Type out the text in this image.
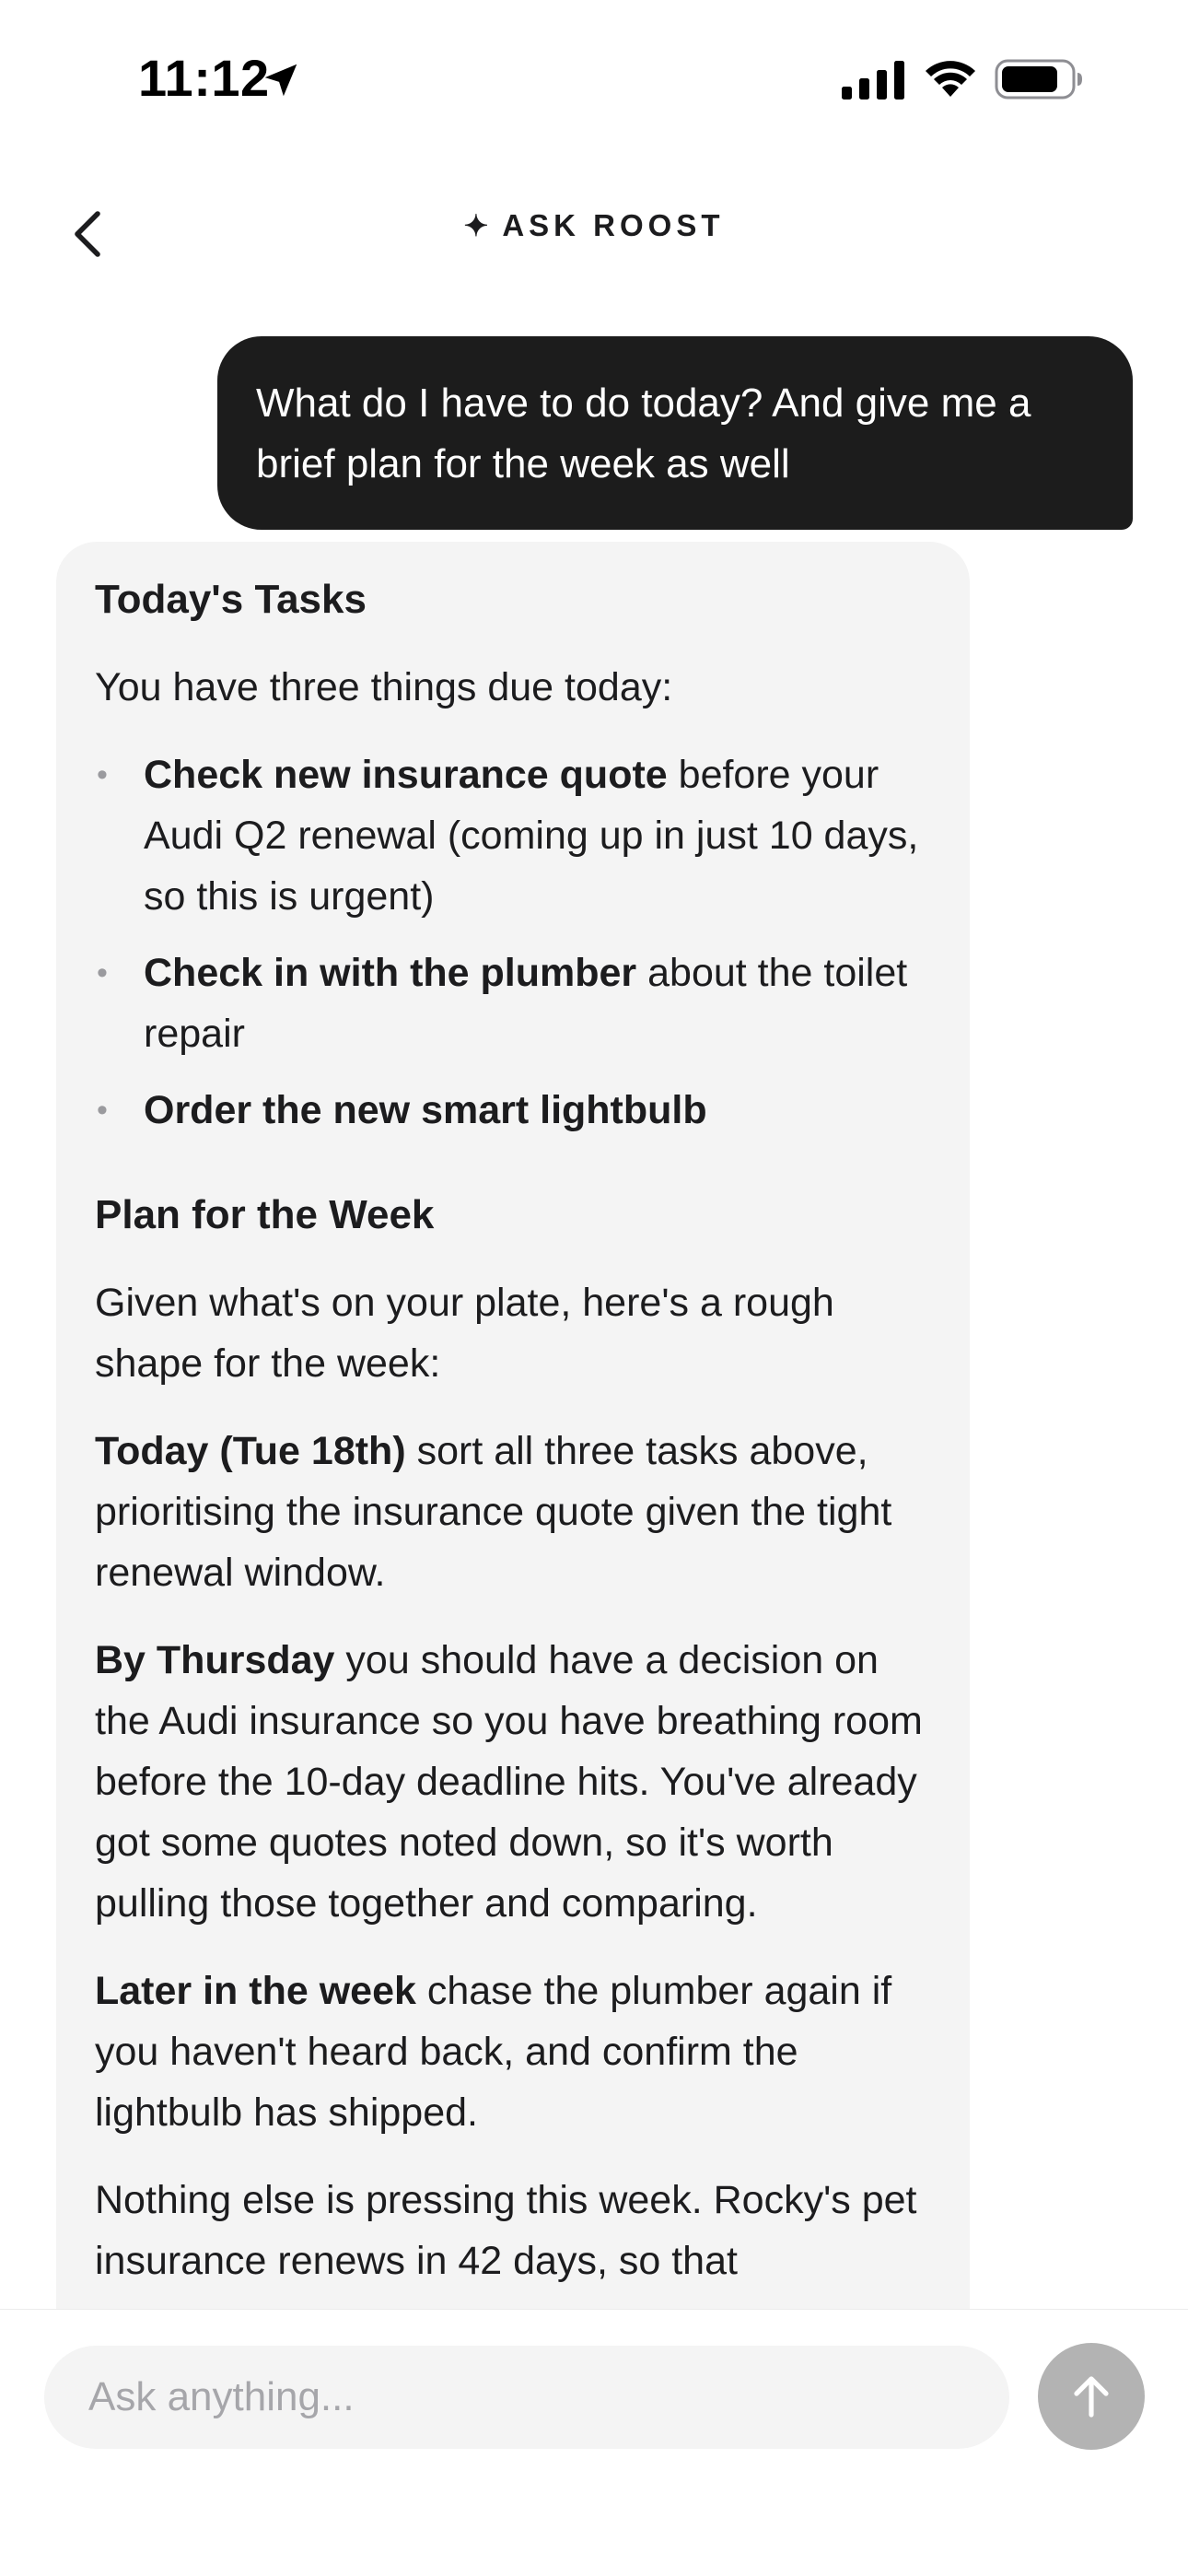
11:12
✦ ASK ROOST
What do I have to do today? And give me a brief plan for the week as well
Today's Tasks

You have three things due today:

• Check new insurance quote before your Audi Q2 renewal (coming up in just 10 days, so this is urgent)
• Check in with the plumber about the toilet repair
• Order the new smart lightbulb
Plan for the Week

Given what's on your plate, here's a rough shape for the week:

Today (Tue 18th) sort all three tasks above, prioritising the insurance quote given the tight renewal window.

By Thursday you should have a decision on the Audi insurance so you have breathing room before the 10-day deadline hits. You've already got some quotes noted down, so it's worth pulling those together and comparing.

Later in the week chase the plumber again if you haven't heard back, and confirm the lightbulb has shipped.

Nothing else is pressing this week. Rocky's pet insurance renews in 42 days, so that

Ask anything...
